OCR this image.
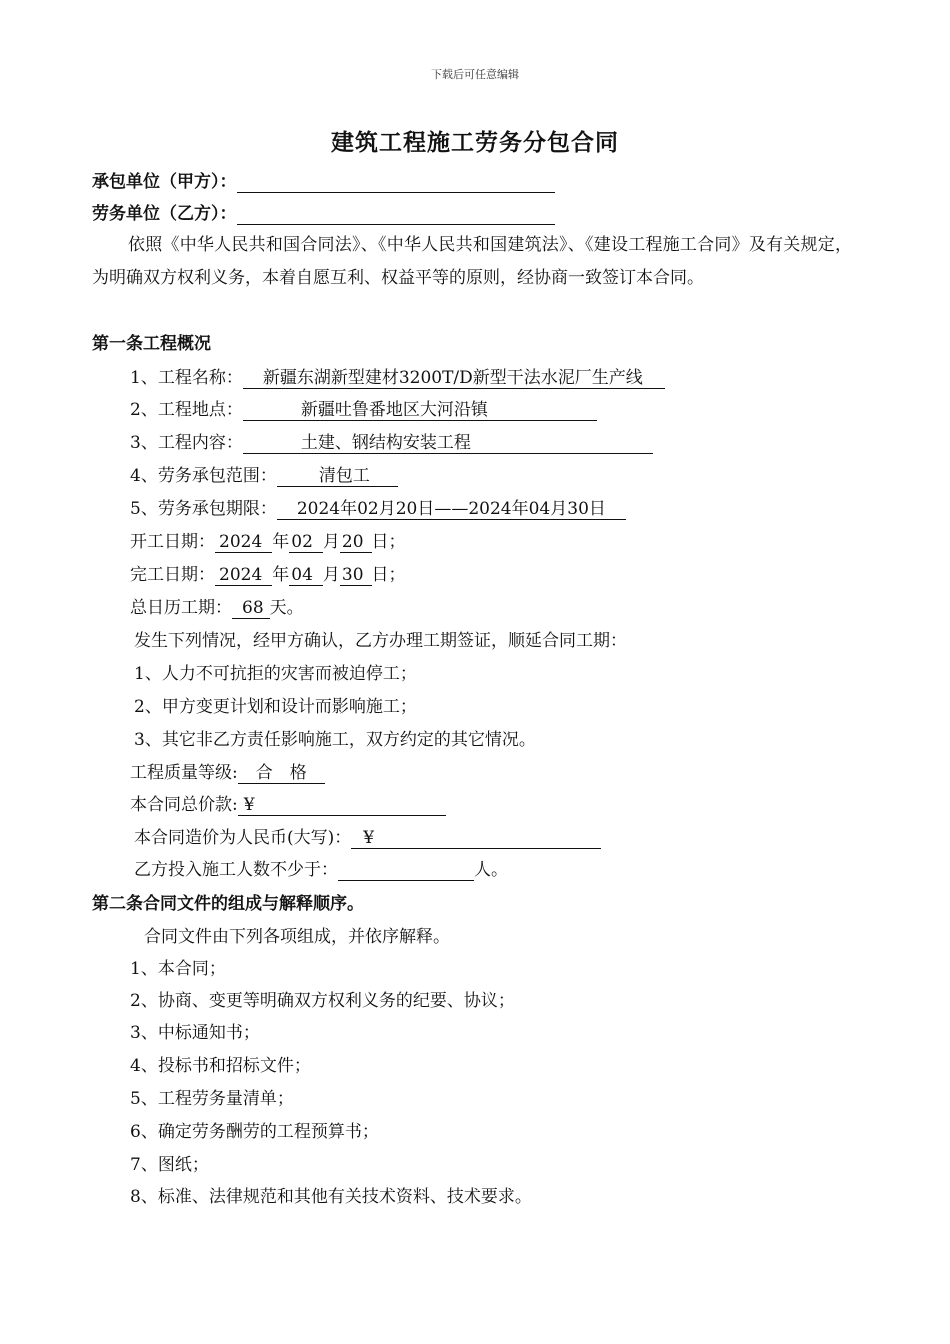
下载后可任意编辑
建筑工程施工劳务分包合同
承包单位（甲方）：
劳务单位（乙方）：
依照《中华人民共和国合同法》、《中华人民共和国建筑法》、《建设工程施工合同》及有关规定，为明确双方权利义务，本着自愿互利、权益平等的原则，经协商一致签订本合同。
第一条工程概况
1、工程名称： 新疆东湖新型建材3200T/D新型干法水泥厂生产线
2、工程地点：	新疆吐鲁番地区大河沿镇
3、工程内容：	土建、钢结构安装工程
4、劳务承包范围： 清包工
5、劳务承包期限： 2024年02月20日——2024年04月30日
开工日期： 2024 年 02 月 20 日；
完工日期： 2024 年 04 月 30 日；
总日历工期： 68 天。
发生下列情况，经甲方确认，乙方办理工期签证，顺延合同工期：
1、人力不可抗拒的灾害而被迫停工；
2、甲方变更计划和设计而影响施工；
3、其它非乙方责任影响施工，双方约定的其它情况。
工程质量等级: 合　格
本合同总价款: ¥
本合同造价为人民币(大写)： ¥
乙方投入施工人数不少于：	人。
第二条合同文件的组成与解释顺序。
合同文件由下列各项组成，并依序解释。
1、本合同；
2、协商、变更等明确双方权利义务的纪要、协议；
3、中标通知书；
4、投标书和招标文件；
5、工程劳务量清单；
6、确定劳务酬劳的工程预算书；
7、图纸；
8、标准、法律规范和其他有关技术资料、技术要求。
